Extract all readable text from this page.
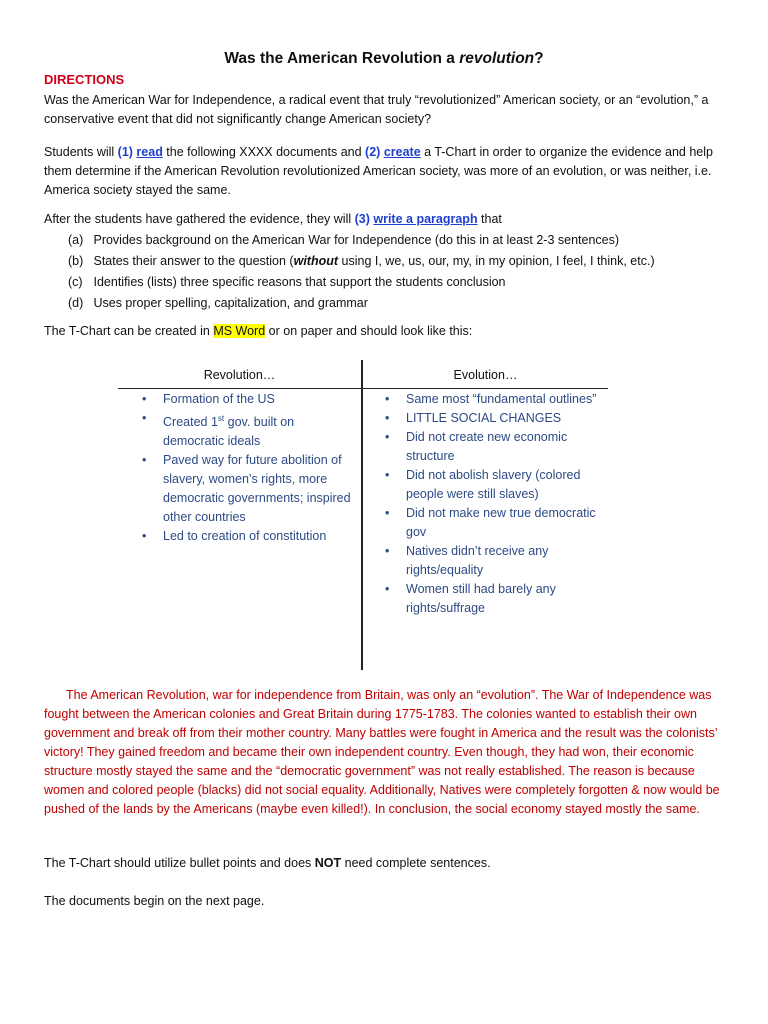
Was the American Revolution a revolution?
DIRECTIONS
Was the American War for Independence, a radical event that truly “revolutionized” American society, or an “evolution,” a conservative event that did not significantly change American society?
Students will (1) read the following XXXX documents and (2) create a T-Chart in order to organize the evidence and help them determine if the American Revolution revolutionized American society, was more of an evolution, or was neither, i.e. America society stayed the same.
After the students have gathered the evidence, they will (3) write a paragraph that
(a) Provides background on the American War for Independence (do this in at least 2-3 sentences)
(b) States their answer to the question (without using I, we, us, our, my, in my opinion, I feel, I think, etc.)
(c) Identifies (lists) three specific reasons that support the students conclusion
(d) Uses proper spelling, capitalization, and grammar
The T-Chart can be created in MS Word or on paper and should look like this:
Revolution…	Evolution…
• Formation of the US
• Created 1st gov. built on democratic ideals
• Paved way for future abolition of slavery, women’s rights, more democratic governments; inspired other countries
• Led to creation of constitution
• Same most “fundamental outlines”
• LITTLE SOCIAL CHANGES
• Did not create new economic structure
• Did not abolish slavery (colored people were still slaves)
• Did not make new true democratic gov
• Natives didn’t receive any rights/equality
• Women still had barely any rights/suffrage
The American Revolution, war for independence from Britain, was only an “evolution”. The War of Independence was fought between the American colonies and Great Britain during 1775-1783. The colonies wanted to establish their own government and break off from their mother country. Many battles were fought in America and the result was the colonists’ victory! They gained freedom and became their own independent country. Even though, they had won, their economic structure mostly stayed the same and the “democratic government” was not really established. The reason is because women and colored people (blacks) did not social equality. Additionally, Natives were completely forgotten & now would be pushed of the lands by the Americans (maybe even killed!). In conclusion, the social economy stayed mostly the same.
The T-Chart should utilize bullet points and does NOT need complete sentences.
The documents begin on the next page.
